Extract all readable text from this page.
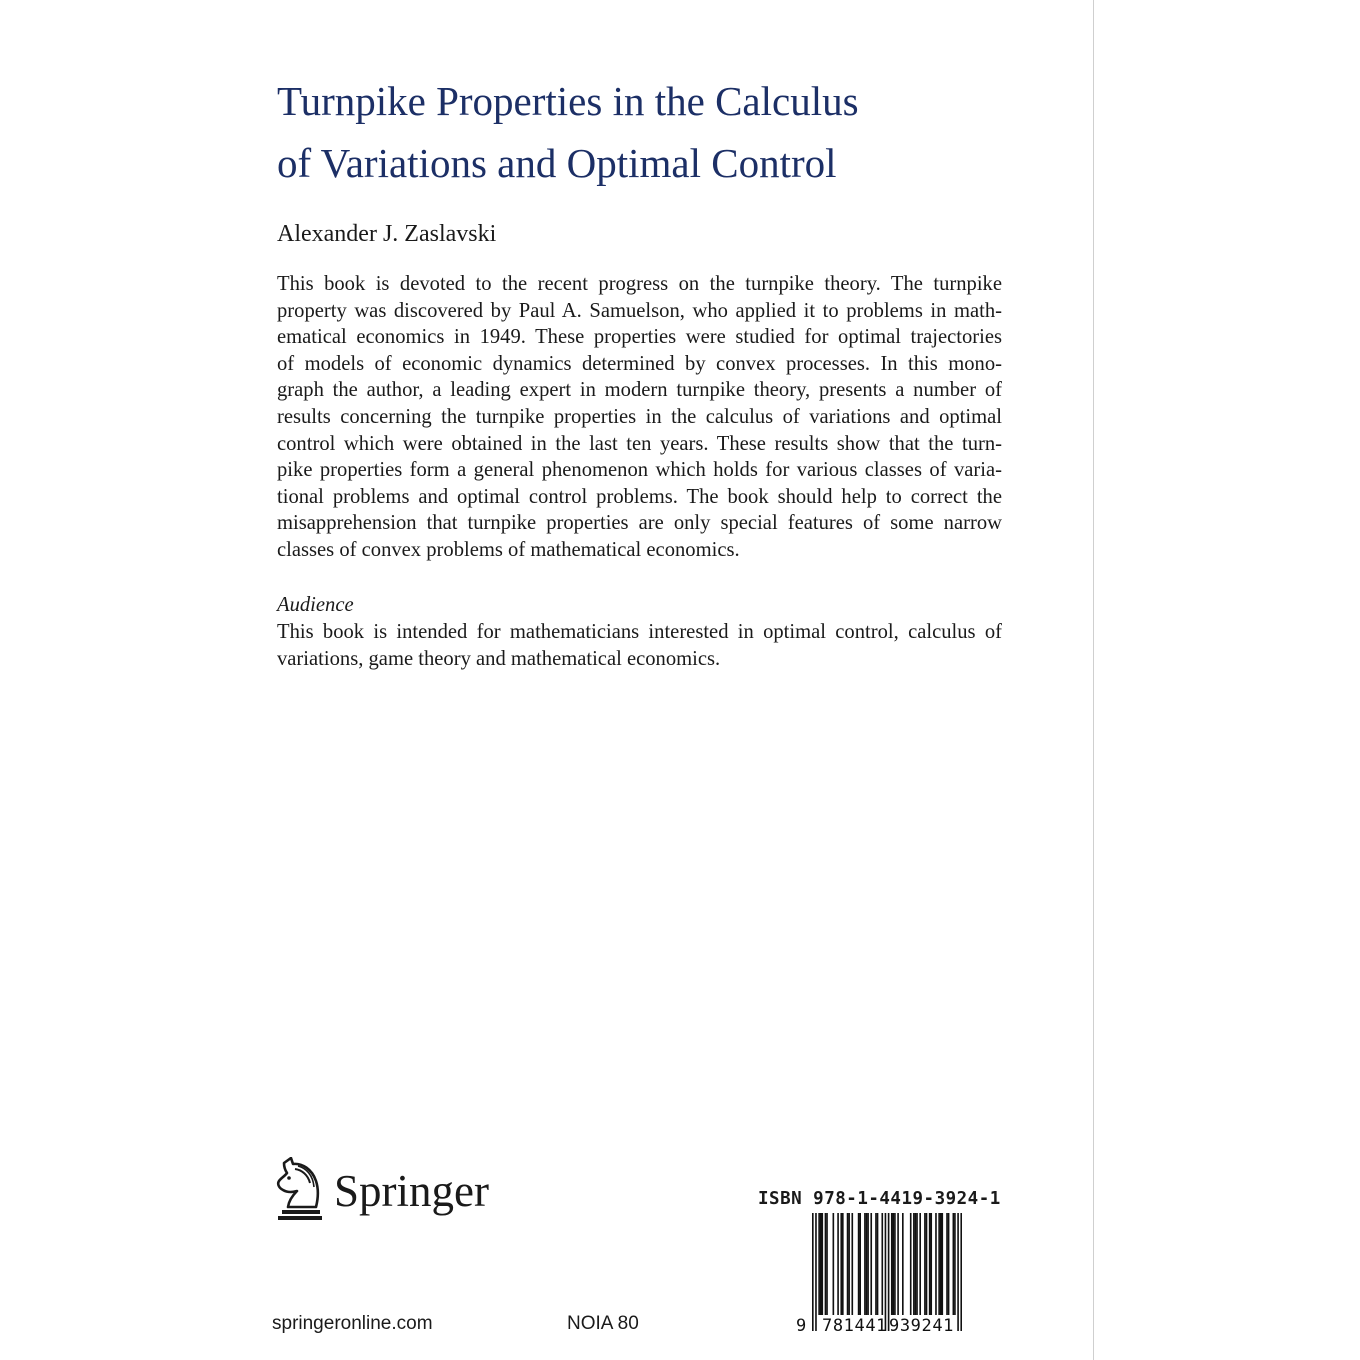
Turnpike Properties in the Calculus
of Variations and Optimal Control
Alexander J. Zaslavski
This book is devoted to the recent progress on the turnpike theory. The turnpike
property was discovered by Paul A. Samuelson, who applied it to problems in math-
ematical economics in 1949. These properties were studied for optimal trajectories
of models of economic dynamics determined by convex processes. In this mono-
graph the author, a leading expert in modern turnpike theory, presents a number of
results concerning the turnpike properties in the calculus of variations and optimal
control which were obtained in the last ten years. These results show that the turn-
pike properties form a general phenomenon which holds for various classes of varia-
tional problems and optimal control problems. The book should help to correct the
misapprehension that turnpike properties are only special features of some narrow
classes of convex problems of mathematical economics.
Audience
This book is intended for mathematicians interested in optimal control, calculus of
variations, game theory and mathematical economics.
Springer
springeronline.com	NOIA 80
ISBN 978-1-4419-3924-1
9 781441 939241
